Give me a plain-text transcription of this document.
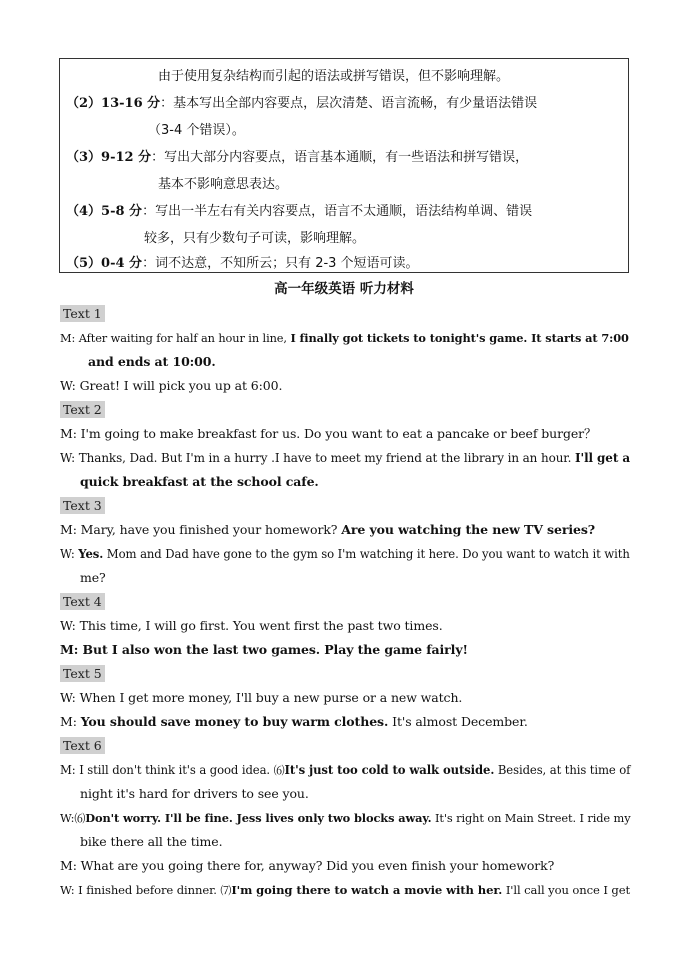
由于使用复杂结构而引起的语法或拼写错误，但不影响理解。
（2）13-16 分：基本写出全部内容要点，层次清楚、语言流畅，有少量语法错误
（3-4 个错误）。
（3）9-12 分：写出大部分内容要点，语言基本通顺，有一些语法和拼写错误，
基本不影响意思表达。
（4）5-8 分：写出一半左右有关内容要点，语言不太通顺，语法结构单调、错误
较多，只有少数句子可读，影响理解。
（5）0-4 分：词不达意，不知所云；只有 2-3 个短语可读。
高一年级英语 听力材料
Text 1
M: After waiting for half an hour in line, I finally got tickets to tonight's game. It starts at 7:00
and ends at 10:00.
W: Great! I will pick you up at 6:00.
Text 2
M: I'm going to make breakfast for us. Do you want to eat a pancake or beef burger？
W: Thanks, Dad. But I'm in a hurry .I have to meet my friend at the library in an hour. I'll get a
quick breakfast at the school cafe.
Text 3
M: Mary, have you finished your homework? Are you watching the new TV series?
W: Yes. Mom and Dad have gone to the gym so I'm watching it here. Do you want to watch it with
me?
Text 4
W: This time, I will go first. You went first the past two times.
M: But I also won the last two games. Play the game fairly!
Text 5
W: When I get more money, I'll buy a new purse or a new watch.
M: You should save money to buy warm clothes. It's almost December.
Text 6
M: I still don't think it's a good idea. ⑹It's just too cold to walk outside. Besides, at this time of
night it's hard for drivers to see you.
W:⑹Don't worry. I'll be fine. Jess lives only two blocks away. It's right on Main Street. I ride my
bike there all the time.
M: What are you going there for, anyway? Did you even finish your homework?
W: I finished before dinner. ⑺I'm going there to watch a movie with her. I'll call you once I get
